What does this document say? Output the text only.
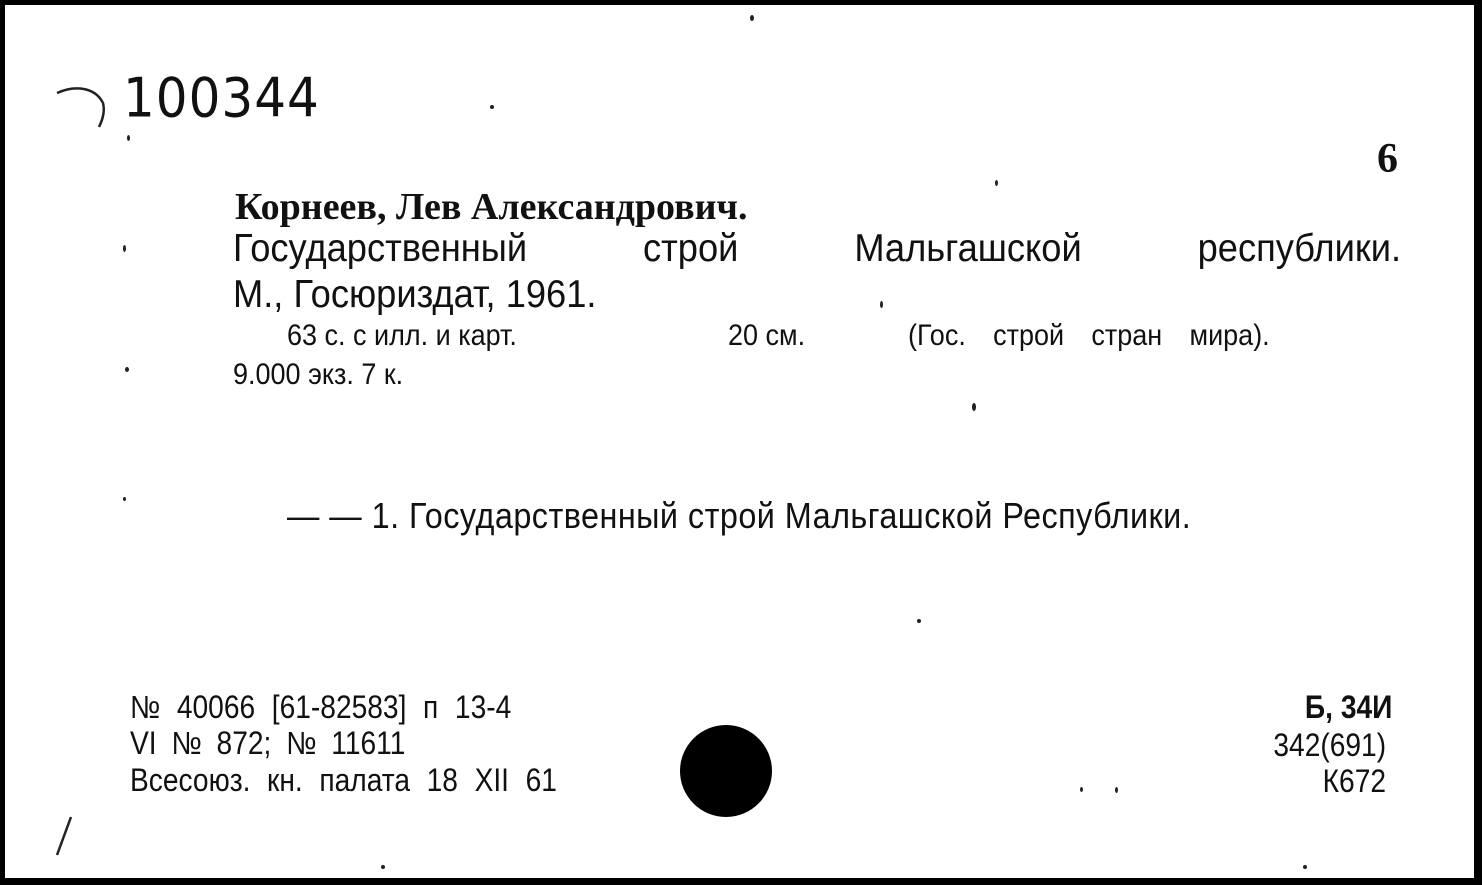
100344
6
Корнеев, Лев Александрович.
Государственный	строй	Мальгашской	республики.
М., Госюриздат, 1961.
63 с. с илл. и карт.	20 см.	(Гос. строй стран мира).
9.000 экз. 7 к.
— — 1. Государственный строй Мальгашской Республики.
№ 40066 [61-82583] п 13-4
VI № 872; № 11611
Всесоюз. кн. палата 18 XII 61
Б, 34И
342(691)
К672
